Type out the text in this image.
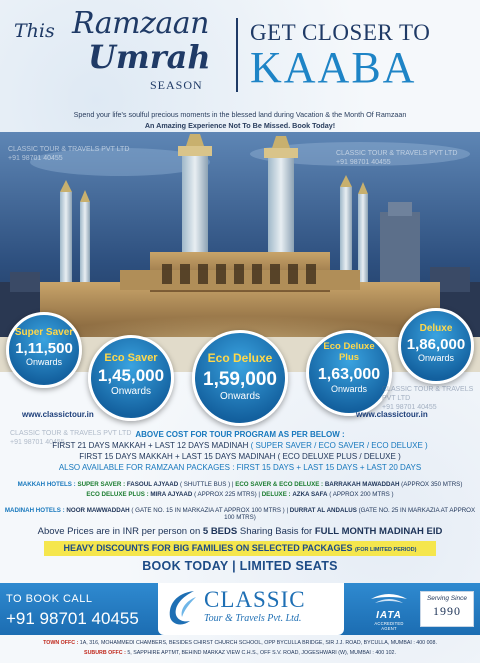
This Ramzaan
Umrah
SEASON
GET CLOSER TO
KAABA
Spend your life's soulful precious moments in the blessed land during Vacation & the Month Of Ramzaan
An Amazing Experience Not To Be Missed. Book Today!
CLASSIC TOUR & TRAVELS PVT LTD
+91 98701 40455
CLASSIC TOUR & TRAVELS PVT LTD
+91 98701 40455
Super Saver
1,11,500
Onwards	Eco Saver
1,45,000
Onwards
Eco Deluxe
1,59,000
Onwards
Eco Deluxe Plus
1,63,000
Onwards
Deluxe
1,86,000
Onwards
CLASSIC TOUR & TRAVELS PVT LTD
+91 98701 40455
www.classictour.in	www.classictour.in
ABOVE COST FOR TOUR PROGRAM AS PER BELOW :
FIRST 21 DAYS MAKKAH + LAST 12 DAYS MADINAH ( SUPER SAVER / ECO SAVER / ECO DELUXE )
FIRST 15 DAYS MAKKAH + LAST 15 DAYS MADINAH ( ECO DELUXE PLUS / DELUXE )
ALSO AVAILABLE FOR RAMZAAN PACKAGES : FIRST 15 DAYS + LAST 15 DAYS + LAST 20 DAYS
CLASSIC TOUR & TRAVELS PVT LTD
+91 98701 40455
MAKKAH HOTELS : SUPER SAVER : FASOUL AJYAAD ( SHUTTLE BUS ) | ECO SAVER & ECO DELUXE : BARRAKAH MAWADDAH (APPROX 350 MTRS)
ECO DELUXE PLUS : MIRA AJYAAD ( APPROX 225 MTRS) | DELUXE : AZKA SAFA ( APPROX 200 MTRS )
MADINAH HOTELS : NOOR MAWWADDAH ( GATE NO. 15 IN MARKAZIA AT APPROX 100 MTRS ) | DURRAT AL ANDALUS (GATE NO. 25 IN MARKAZIA AT APPROX 100 MTRS)
Above Prices are in INR per person on 5 BEDS Sharing Basis for FULL MONTH MADINAH EID
HEAVY DISCOUNTS FOR BIG FAMILIES ON SELECTED PACKAGES (FOR LIMITED PERIOD)
BOOK TODAY | LIMITED SEATS
TO BOOK CALL
+91 98701 40455
CLASSIC
Tour & Travels Pvt. Ltd.	IATA
ACCREDITED AGENT
Serving Since
1990
TOWN OFFC : 1A, 316, MOHAMMEDI CHAMBERS, BESIDES CHIRST CHURCH SCHOOL, OPP BYCULLA BRIDGE, SIR J.J. ROAD, BYCULLA, MUMBAI : 400 008.
SUBURB OFFC : 5, SAPPHIRE APTMT, BEHIND MARKAZ VIEW C.H.S., OFF S.V. ROAD, JOGESHWARI (W), MUMBAI : 400 102.
